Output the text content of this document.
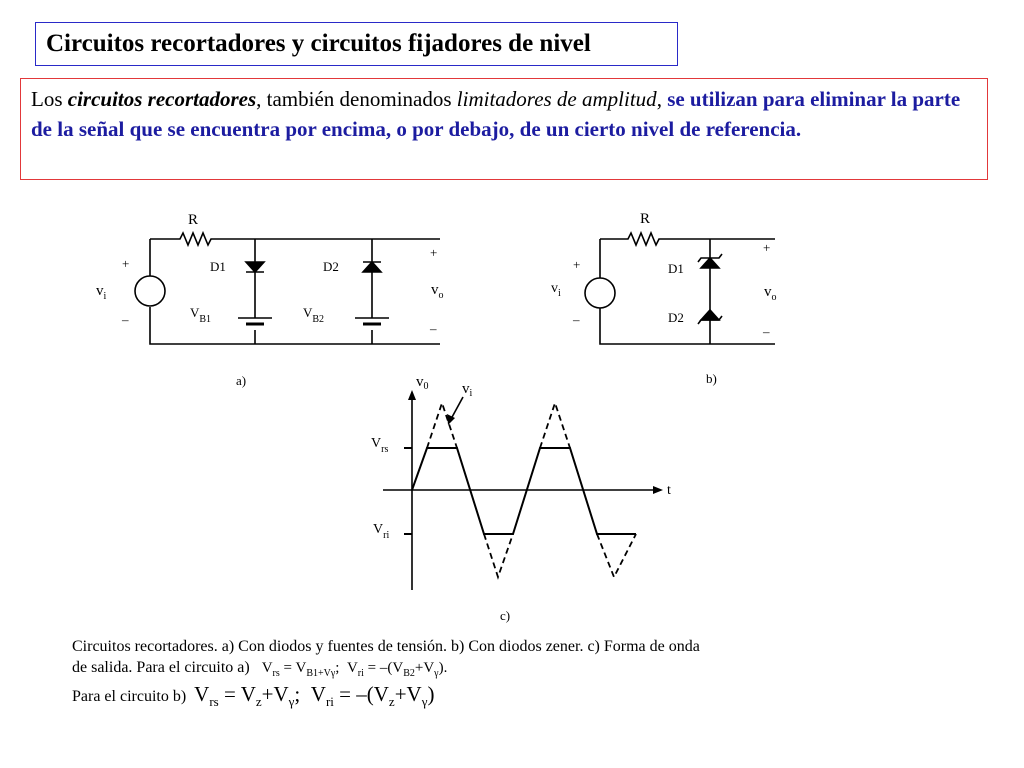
Circuitos recortadores y circuitos fijadores de nivel
Los circuitos recortadores, también denominados limitadores de amplitud, se utilizan para eliminar la parte de la señal que se encuentra por encima, o por debajo, de un cierto nivel de referencia.
R
+
–
$v_i$
D1	D2
$V_{B1}$	$V_{B2}$
+
–
$v_o$
a)
R
+
–
$v_i$
D1
D2
+
–
$v_o$
b)
$v_0$ $v_i$
$V_{rs}$
$V_{ri}$
t
c)
Circuitos recortadores. a) Con diodos y fuentes de tensión. b) Con diodos zener. c) Forma de onda
de salida. Para el circuito a) $V_{rs} = V_{B1+V\gamma}$; $V_{ri} = -(V_{B2}+V_\gamma)$.
Para el circuito b) $V_{rs} = V_z+V_\gamma$; $V_{ri} = -(V_z+V_\gamma)$
